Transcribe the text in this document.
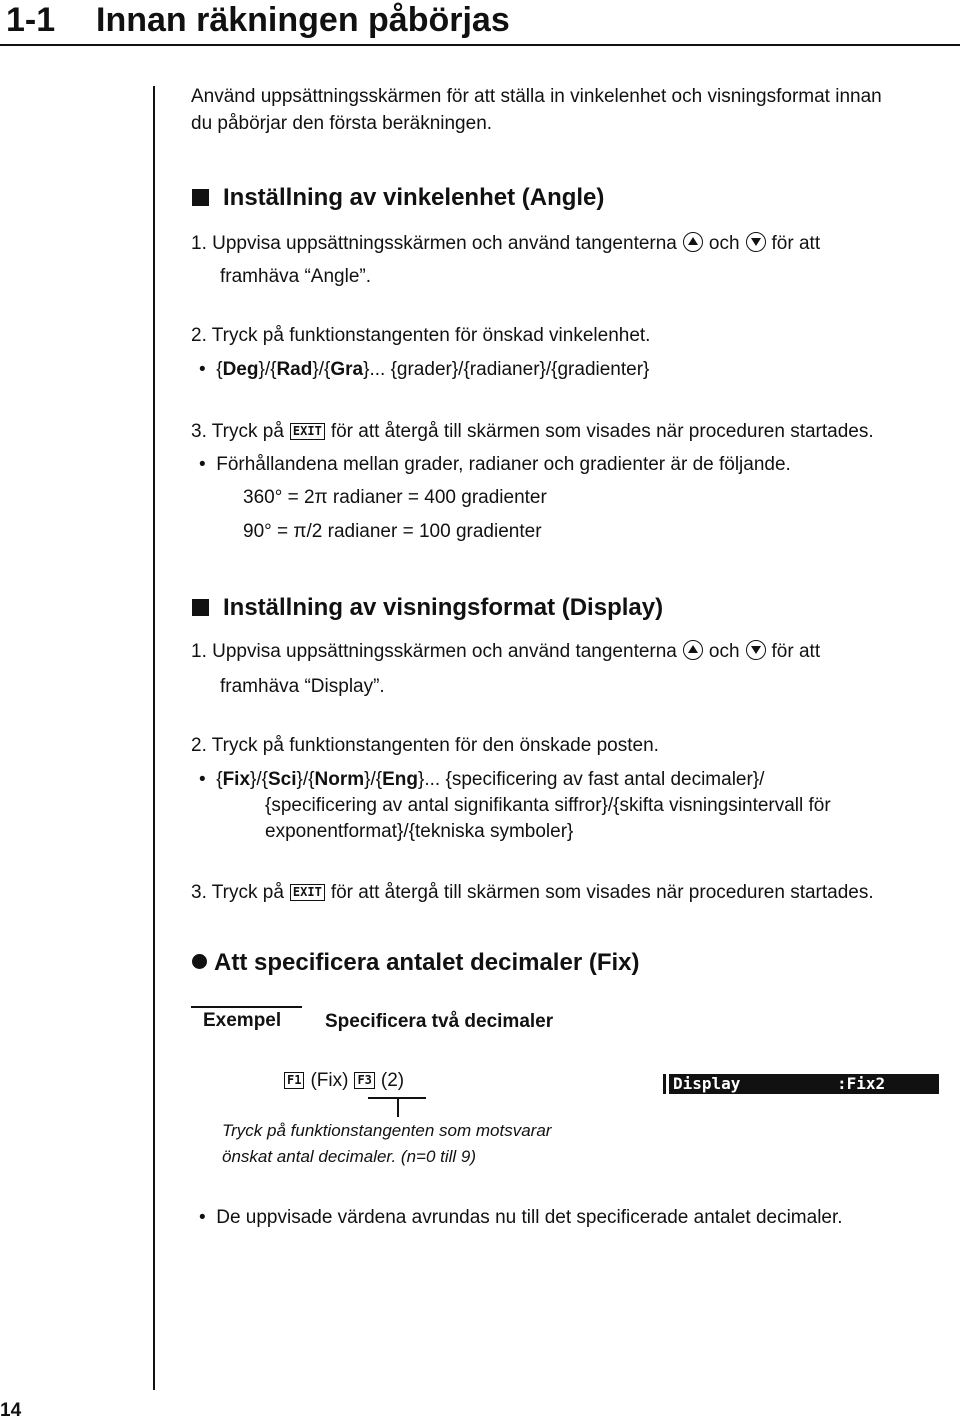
1-1 Innan räkningen påbörjas
Använd uppsättningsskärmen för att ställa in vinkelenhet och visningsformat innan
du påbörjar den första beräkningen.
Inställning av vinkelenhet (Angle)
1. Uppvisa uppsättningsskärmen och använd tangenterna och för att
framhäva “Angle”.
2. Tryck på funktionstangenten för önskad vinkelenhet.
•  {Deg}/{Rad}/{Gra}... {grader}/{radianer}/{gradienter}
3. Tryck på EXIT för att återgå till skärmen som visades när proceduren startades.
• Förhållandena mellan grader, radianer och gradienter är de följande.
360° = 2π radianer = 400 gradienter
90° = π/2 radianer = 100 gradienter
Inställning av visningsformat (Display)
1. Uppvisa uppsättningsskärmen och använd tangenterna och för att
framhäva “Display”.
2. Tryck på funktionstangenten för den önskade posten.
•  {Fix}/{Sci}/{Norm}/{Eng}... {specificering av fast antal decimaler}/
{specificering av antal signifikanta siffror}/{skifta visningsintervall för
exponentformat}/{tekniska symboler}
3. Tryck på EXIT för att återgå till skärmen som visades när proceduren startades.
Att specificera antalet decimaler (Fix)
Exempel Specificera två decimaler
F1 (Fix) F3 (2)

	Display

	:Fix2

Tryck på funktionstangenten som motsvarar
önskat antal decimaler. (n=0 till 9)
• De uppvisade värdena avrundas nu till det specificerade antalet decimaler.
14
